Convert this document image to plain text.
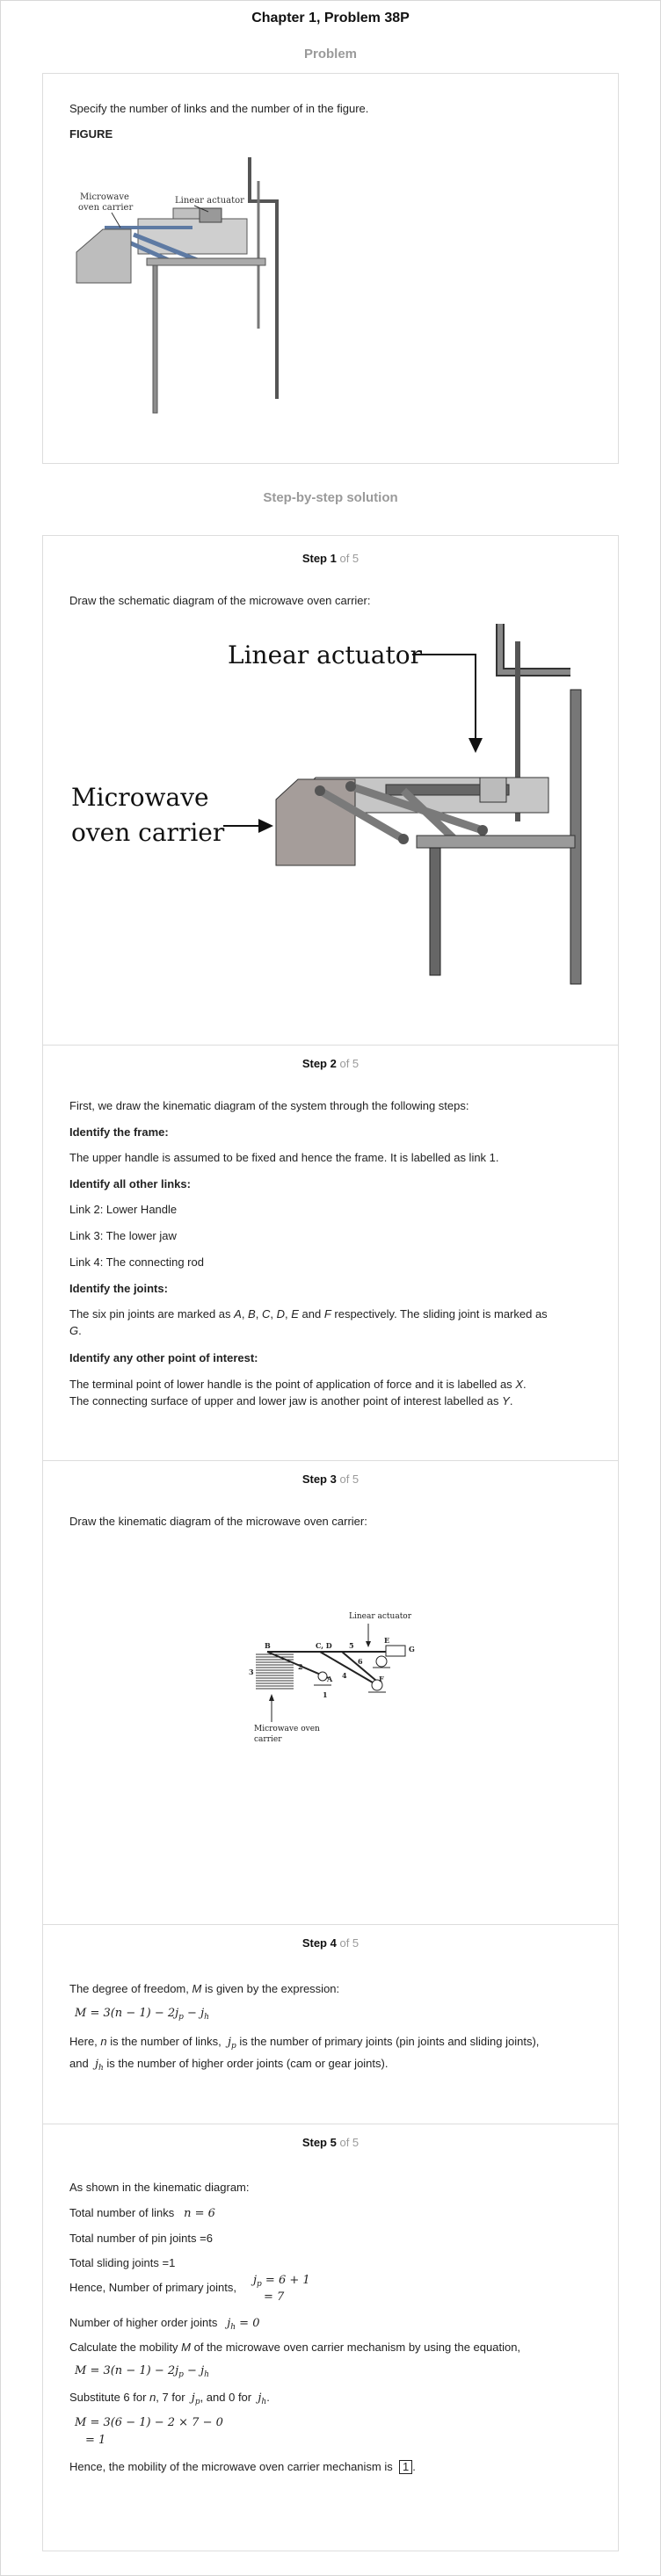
Chapter 1, Problem 38P
Problem
Specify the number of links and the number of in the figure.
FIGURE
Microwave
oven carrier
Linear actuator
Step-by-step solution
Step 1 of 5
Draw the schematic diagram of the microwave oven carrier:
Linear actuator
Microwave
oven carrier
Step 2 of 5
First, we draw the kinematic diagram of the system through the following steps:
Identify the frame:
The upper handle is assumed to be fixed and hence the frame. It is labelled as link 1.
Identify all other links:
Link 2: Lower Handle
Link 3: The lower jaw
Link 4: The connecting rod
Identify the joints:
The six pin joints are marked as A, B, C, D, E and F respectively. The sliding joint is marked as
G.
Identify any other point of interest:
The terminal point of lower handle is the point of application of force and it is labelled as X.
The connecting surface of upper and lower jaw is another point of interest labelled as Y.
Step 3 of 5
Draw the kinematic diagram of the microwave oven carrier:
Linear actuator
B	C, D 5
E
G
3
2
6
A 4
1
F
Microwave oven
carrier
Step 4 of 5
The degree of freedom, M is given by the expression:
$M = 3(n - 1) - 2j_p - j_h$
Here, n is the number of links, $j_p$ is the number of primary joints (pin joints and sliding joints),
and $j_h$ is the number of higher order joints (cam or gear joints).
Step 5 of 5
As shown in the kinematic diagram:
Total number of links n = 6
Total number of pin joints =6
Total sliding joints =1
Hence, Number of primary joints,
$j_p = 6 + 1$
= 7
Number of higher order joints $j_h = 0$
Calculate the mobility M of the microwave oven carrier mechanism by using the equation,
$M = 3(n - 1) - 2j_p - j_h$
Substitute 6 for n, 7 for $j_p$, and 0 for $j_h$.
M = 3(6 − 1) − 2 × 7 − 0
= 1
Hence, the mobility of the microwave oven carrier mechanism is 1 .
